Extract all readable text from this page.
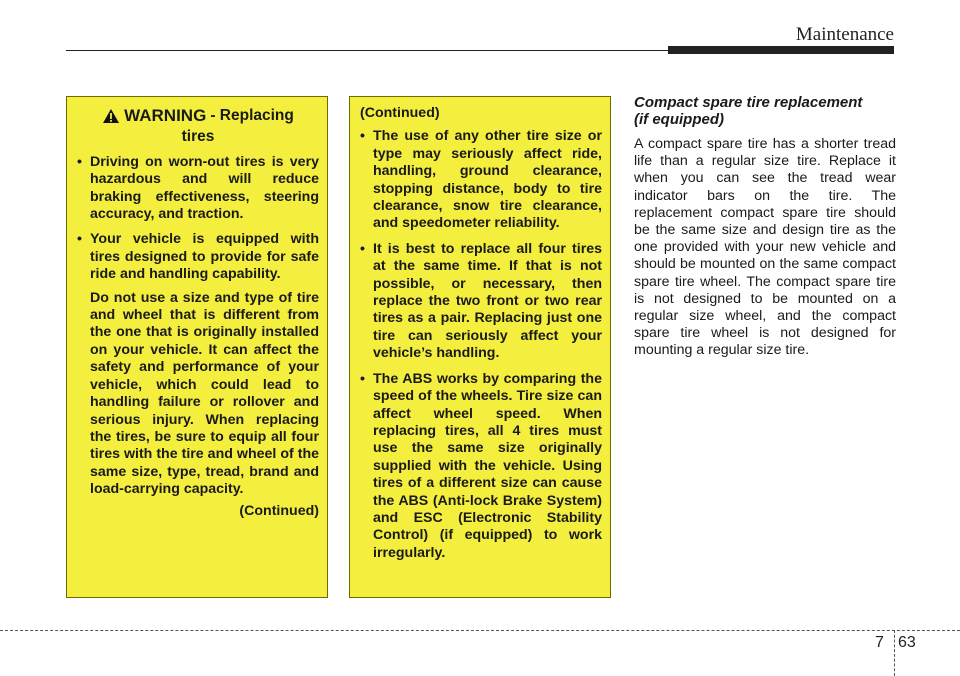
Maintenance
WARNING - Replacing
tires
• Driving on worn-out tires is very hazardous and will reduce braking effectiveness, steering accuracy, and traction.
• Your vehicle is equipped with tires designed to provide for safe ride and handling capability.

Do not use a size and type of tire and wheel that is different from the one that is originally installed on your vehicle. It can affect the safety and performance of your vehicle, which could lead to handling failure or rollover and serious injury. When replacing the tires, be sure to equip all four tires with the tire and wheel of the same size, type, tread, brand and load-carrying capacity.

(Continued)

(Continued)

• The use of any other tire size or type may seriously affect ride, handling, ground clearance, stopping distance, body to tire clearance, snow tire clearance, and speedometer reliability.
• It is best to replace all four tires at the same time. If that is not possible, or necessary, then replace the two front or two rear tires as a pair. Replacing just one tire can seriously affect your vehicle’s handling.
• The ABS works by comparing the speed of the wheels. Tire size can affect wheel speed. When replacing tires, all 4 tires must use the same size originally supplied with the vehicle. Using tires of a different size can cause the ABS (Anti-lock Brake System) and ESC (Electronic Stability Control) (if equipped) to work irregularly.
Compact spare tire replacement
(if equipped)

A compact spare tire has a shorter tread life than a regular size tire. Replace it when you can see the tread wear indicator bars on the tire. The replacement compact spare tire should be the same size and design tire as the one provided with your new vehicle and should be mounted on the same compact spare tire wheel. The compact spare tire is not designed to be mounted on a regular size wheel, and the compact spare tire wheel is not designed for mounting a regular size tire.

7 63
